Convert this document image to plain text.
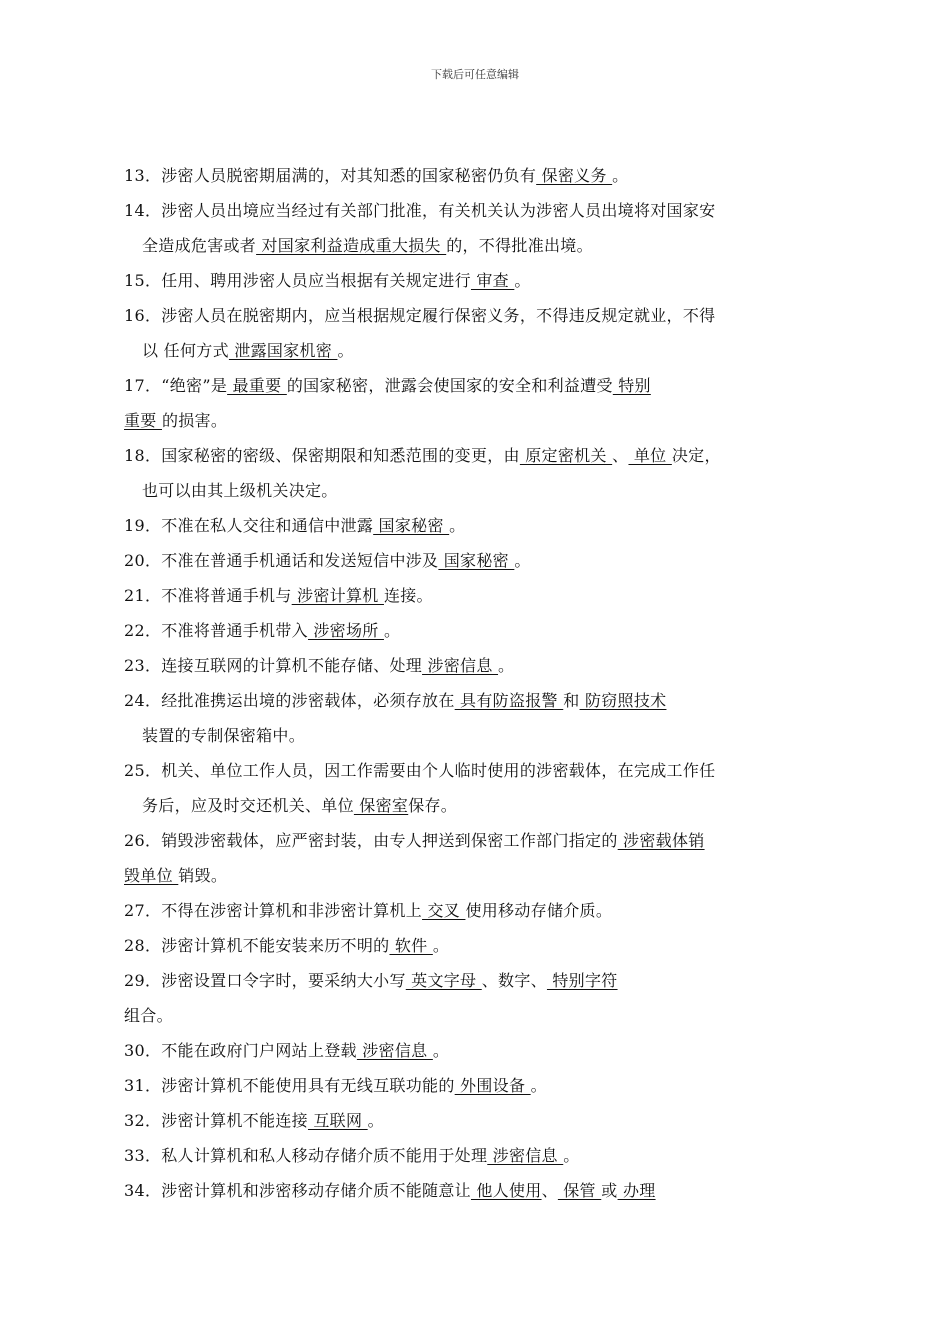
下载后可任意编辑
13．涉密人员脱密期届满的，对其知悉的国家秘密仍负有 保密义务 。
14．涉密人员出境应当经过有关部门批准，有关机关认为涉密人员出境将对国家安
全造成危害或者 对国家利益造成重大损失 的，不得批准出境。
15．任用、聘用涉密人员应当根据有关规定进行 审查 。
16．涉密人员在脱密期内，应当根据规定履行保密义务，不得违反规定就业，不得
以 任何方式 泄露国家机密 。
17．“绝密”是 最重要 的国家秘密，泄露会使国家的安全和利益遭受 特别
重要 的损害。
18．国家秘密的密级、保密期限和知悉范围的变更，由 原定密机关 、 单位 决定，
也可以由其上级机关决定。
19．不准在私人交往和通信中泄露 国家秘密 。
20．不准在普通手机通话和发送短信中涉及 国家秘密 。
21．不准将普通手机与 涉密计算机 连接。
22．不准将普通手机带入 涉密场所 。
23．连接互联网的计算机不能存储、处理 涉密信息 。
24．经批准携运出境的涉密载体，必须存放在 具有防盗报警 和 防窃照技术
装置的专制保密箱中。
25．机关、单位工作人员，因工作需要由个人临时使用的涉密载体，在完成工作任
务后，应及时交还机关、单位 保密室保存。
26．销毁涉密载体，应严密封装，由专人押送到保密工作部门指定的 涉密载体销
毁单位 销毁。
27．不得在涉密计算机和非涉密计算机上 交叉 使用移动存储介质。
28．涉密计算机不能安装来历不明的 软件 。
29．涉密设置口令字时，要采纳大小写 英文字母 、数字、 特别字符
组合。
30．不能在政府门户网站上登载 涉密信息 。
31．涉密计算机不能使用具有无线互联功能的 外围设备 。
32．涉密计算机不能连接 互联网 。
33．私人计算机和私人移动存储介质不能用于处理 涉密信息 。
34．涉密计算机和涉密移动存储介质不能随意让 他人使用、 保管 或 办理
